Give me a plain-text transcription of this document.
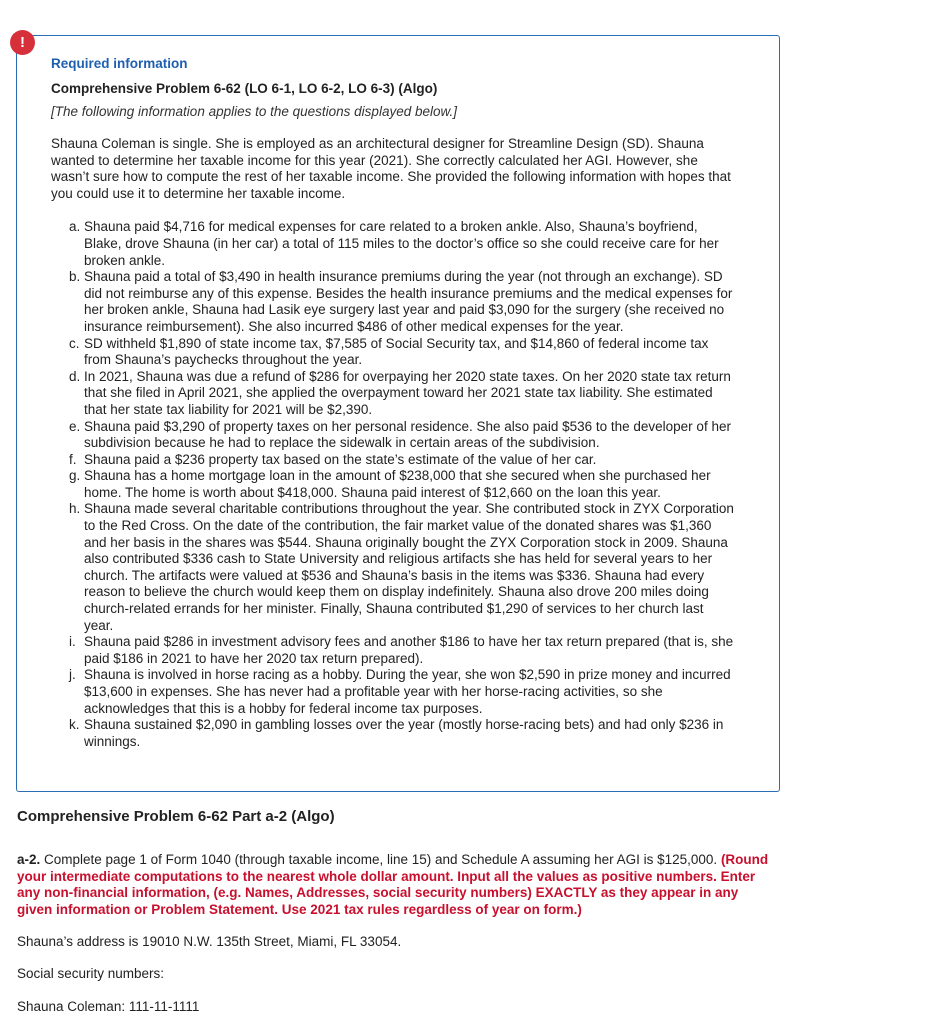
!

Required information

Comprehensive Problem 6-62 (LO 6-1, LO 6-2, LO 6-3) (Algo)

[The following information applies to the questions displayed below.]

Shauna Coleman is single. She is employed as an architectural designer for Streamline Design (SD). Shauna wanted to determine her taxable income for this year (2021). She correctly calculated her AGI. However, she wasn’t sure how to compute the rest of her taxable income. She provided the following information with hopes that you could use it to determine her taxable income.

a. Shauna paid $4,716 for medical expenses for care related to a broken ankle. Also, Shauna’s boyfriend, Blake, drove Shauna (in her car) a total of 115 miles to the doctor’s office so she could receive care for her broken ankle.
b. Shauna paid a total of $3,490 in health insurance premiums during the year (not through an exchange). SD did not reimburse any of this expense. Besides the health insurance premiums and the medical expenses for her broken ankle, Shauna had Lasik eye surgery last year and paid $3,090 for the surgery (she received no insurance reimbursement). She also incurred $486 of other medical expenses for the year.
c. SD withheld $1,890 of state income tax, $7,585 of Social Security tax, and $14,860 of federal income tax from Shauna’s paychecks throughout the year.
d. In 2021, Shauna was due a refund of $286 for overpaying her 2020 state taxes. On her 2020 state tax return that she filed in April 2021, she applied the overpayment toward her 2021 state tax liability. She estimated that her state tax liability for 2021 will be $2,390.
e. Shauna paid $3,290 of property taxes on her personal residence. She also paid $536 to the developer of her subdivision because he had to replace the sidewalk in certain areas of the subdivision.
f. Shauna paid a $236 property tax based on the state’s estimate of the value of her car.
g. Shauna has a home mortgage loan in the amount of $238,000 that she secured when she purchased her home. The home is worth about $418,000. Shauna paid interest of $12,660 on the loan this year.
h. Shauna made several charitable contributions throughout the year. She contributed stock in ZYX Corporation to the Red Cross. On the date of the contribution, the fair market value of the donated shares was $1,360 and her basis in the shares was $544. Shauna originally bought the ZYX Corporation stock in 2009. Shauna also contributed $336 cash to State University and religious artifacts she has held for several years to her church. The artifacts were valued at $536 and Shauna’s basis in the items was $336. Shauna had every reason to believe the church would keep them on display indefinitely. Shauna also drove 200 miles doing church-related errands for her minister. Finally, Shauna contributed $1,290 of services to her church last year.
i. Shauna paid $286 in investment advisory fees and another $186 to have her tax return prepared (that is, she paid $186 in 2021 to have her 2020 tax return prepared).
j. Shauna is involved in horse racing as a hobby. During the year, she won $2,590 in prize money and incurred $13,600 in expenses. She has never had a profitable year with her horse-racing activities, so she acknowledges that this is a hobby for federal income tax purposes.
k. Shauna sustained $2,090 in gambling losses over the year (mostly horse-racing bets) and had only $236 in winnings.

Comprehensive Problem 6-62 Part a-2 (Algo)

a-2. Complete page 1 of Form 1040 (through taxable income, line 15) and Schedule A assuming her AGI is $125,000. (Round your intermediate computations to the nearest whole dollar amount. Input all the values as positive numbers. Enter any non-financial information, (e.g. Names, Addresses, social security numbers) EXACTLY as they appear in any given information or Problem Statement. Use 2021 tax rules regardless of year on form.)

Shauna’s address is 19010 N.W. 135th Street, Miami, FL 33054.

Social security numbers:

Shauna Coleman: 111-11-1111
